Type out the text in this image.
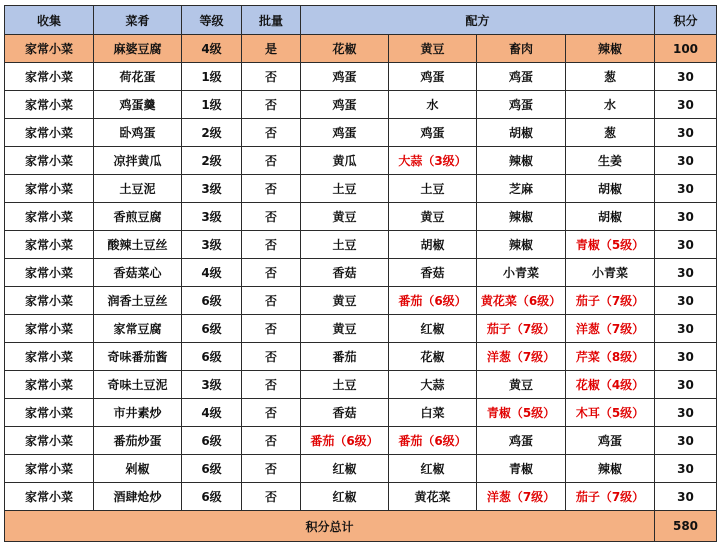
收集	菜肴	等级	批量	配方				积分
家常小菜	麻婆豆腐	4级	是	花椒	黄豆	畜肉	辣椒	100
家常小菜	荷花蛋	1级	否	鸡蛋	鸡蛋	鸡蛋	葱	30
家常小菜	鸡蛋羹	1级	否	鸡蛋	水	鸡蛋	水	30
家常小菜	卧鸡蛋	2级	否	鸡蛋	鸡蛋	胡椒	葱	30
家常小菜	凉拌黄瓜	2级	否	黄瓜	大蒜（3级）	辣椒	生姜	30
家常小菜	土豆泥	3级	否	土豆	土豆	芝麻	胡椒	30
家常小菜	香煎豆腐	3级	否	黄豆	黄豆	辣椒	胡椒	30
家常小菜	酸辣土豆丝	3级	否	土豆	胡椒	辣椒	青椒（5级）	30
家常小菜	香菇菜心	4级	否	香菇	香菇	小青菜	小青菜	30
家常小菜	润香土豆丝	6级	否	黄豆	番茄（6级）	黄花菜（6级）	茄子（7级）	30
家常小菜	家常豆腐	6级	否	黄豆	红椒	茄子（7级）	洋葱（7级）	30
家常小菜	奇味番茄酱	6级	否	番茄	花椒	洋葱（7级）	芹菜（8级）	30
家常小菜	奇味土豆泥	3级	否	土豆	大蒜	黄豆	花椒（4级）	30
家常小菜	市井素炒	4级	否	香菇	白菜	青椒（5级）	木耳（5级）	30
家常小菜	番茄炒蛋	6级	否	番茄（6级）	番茄（6级）	鸡蛋	鸡蛋	30
家常小菜	剁椒	6级	否	红椒	红椒	青椒	辣椒	30
家常小菜	酒肆炝炒	6级	否	红椒	黄花菜	洋葱（7级）	茄子（7级）	30
积分总计								580
